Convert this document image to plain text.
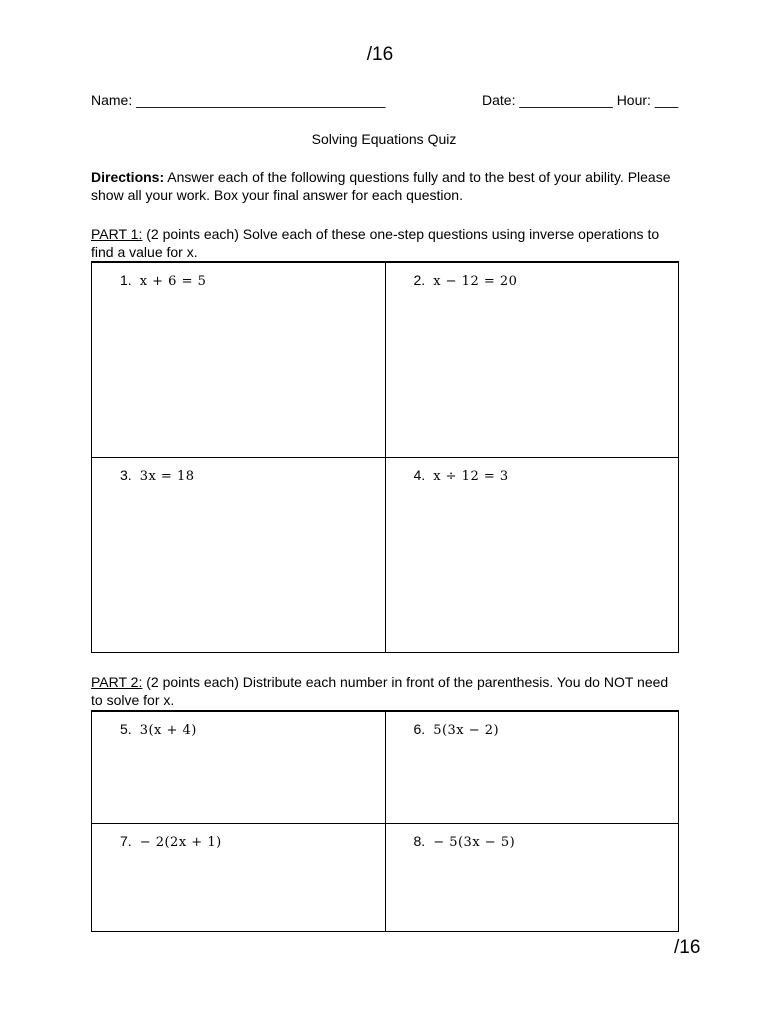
/16
Name: ________________________________	Date: ____________ Hour: ___
Solving Equations Quiz
Directions: Answer each of the following questions fully and to the best of your ability. Please show all your work. Box your final answer for each question.
PART 1: (2 points each) Solve each of these one-step questions using inverse operations to find a value for x.
1. x + 6 = 5	2. x − 12 = 20

3. 3x = 18	4. x ÷ 12 = 3
PART 2: (2 points each) Distribute each number in front of the parenthesis. You do NOT need to solve for x.
5. 3(x + 4)	6. 5(3x − 2)

7. − 2(2x + 1)	8. − 5(3x − 5)
/16
